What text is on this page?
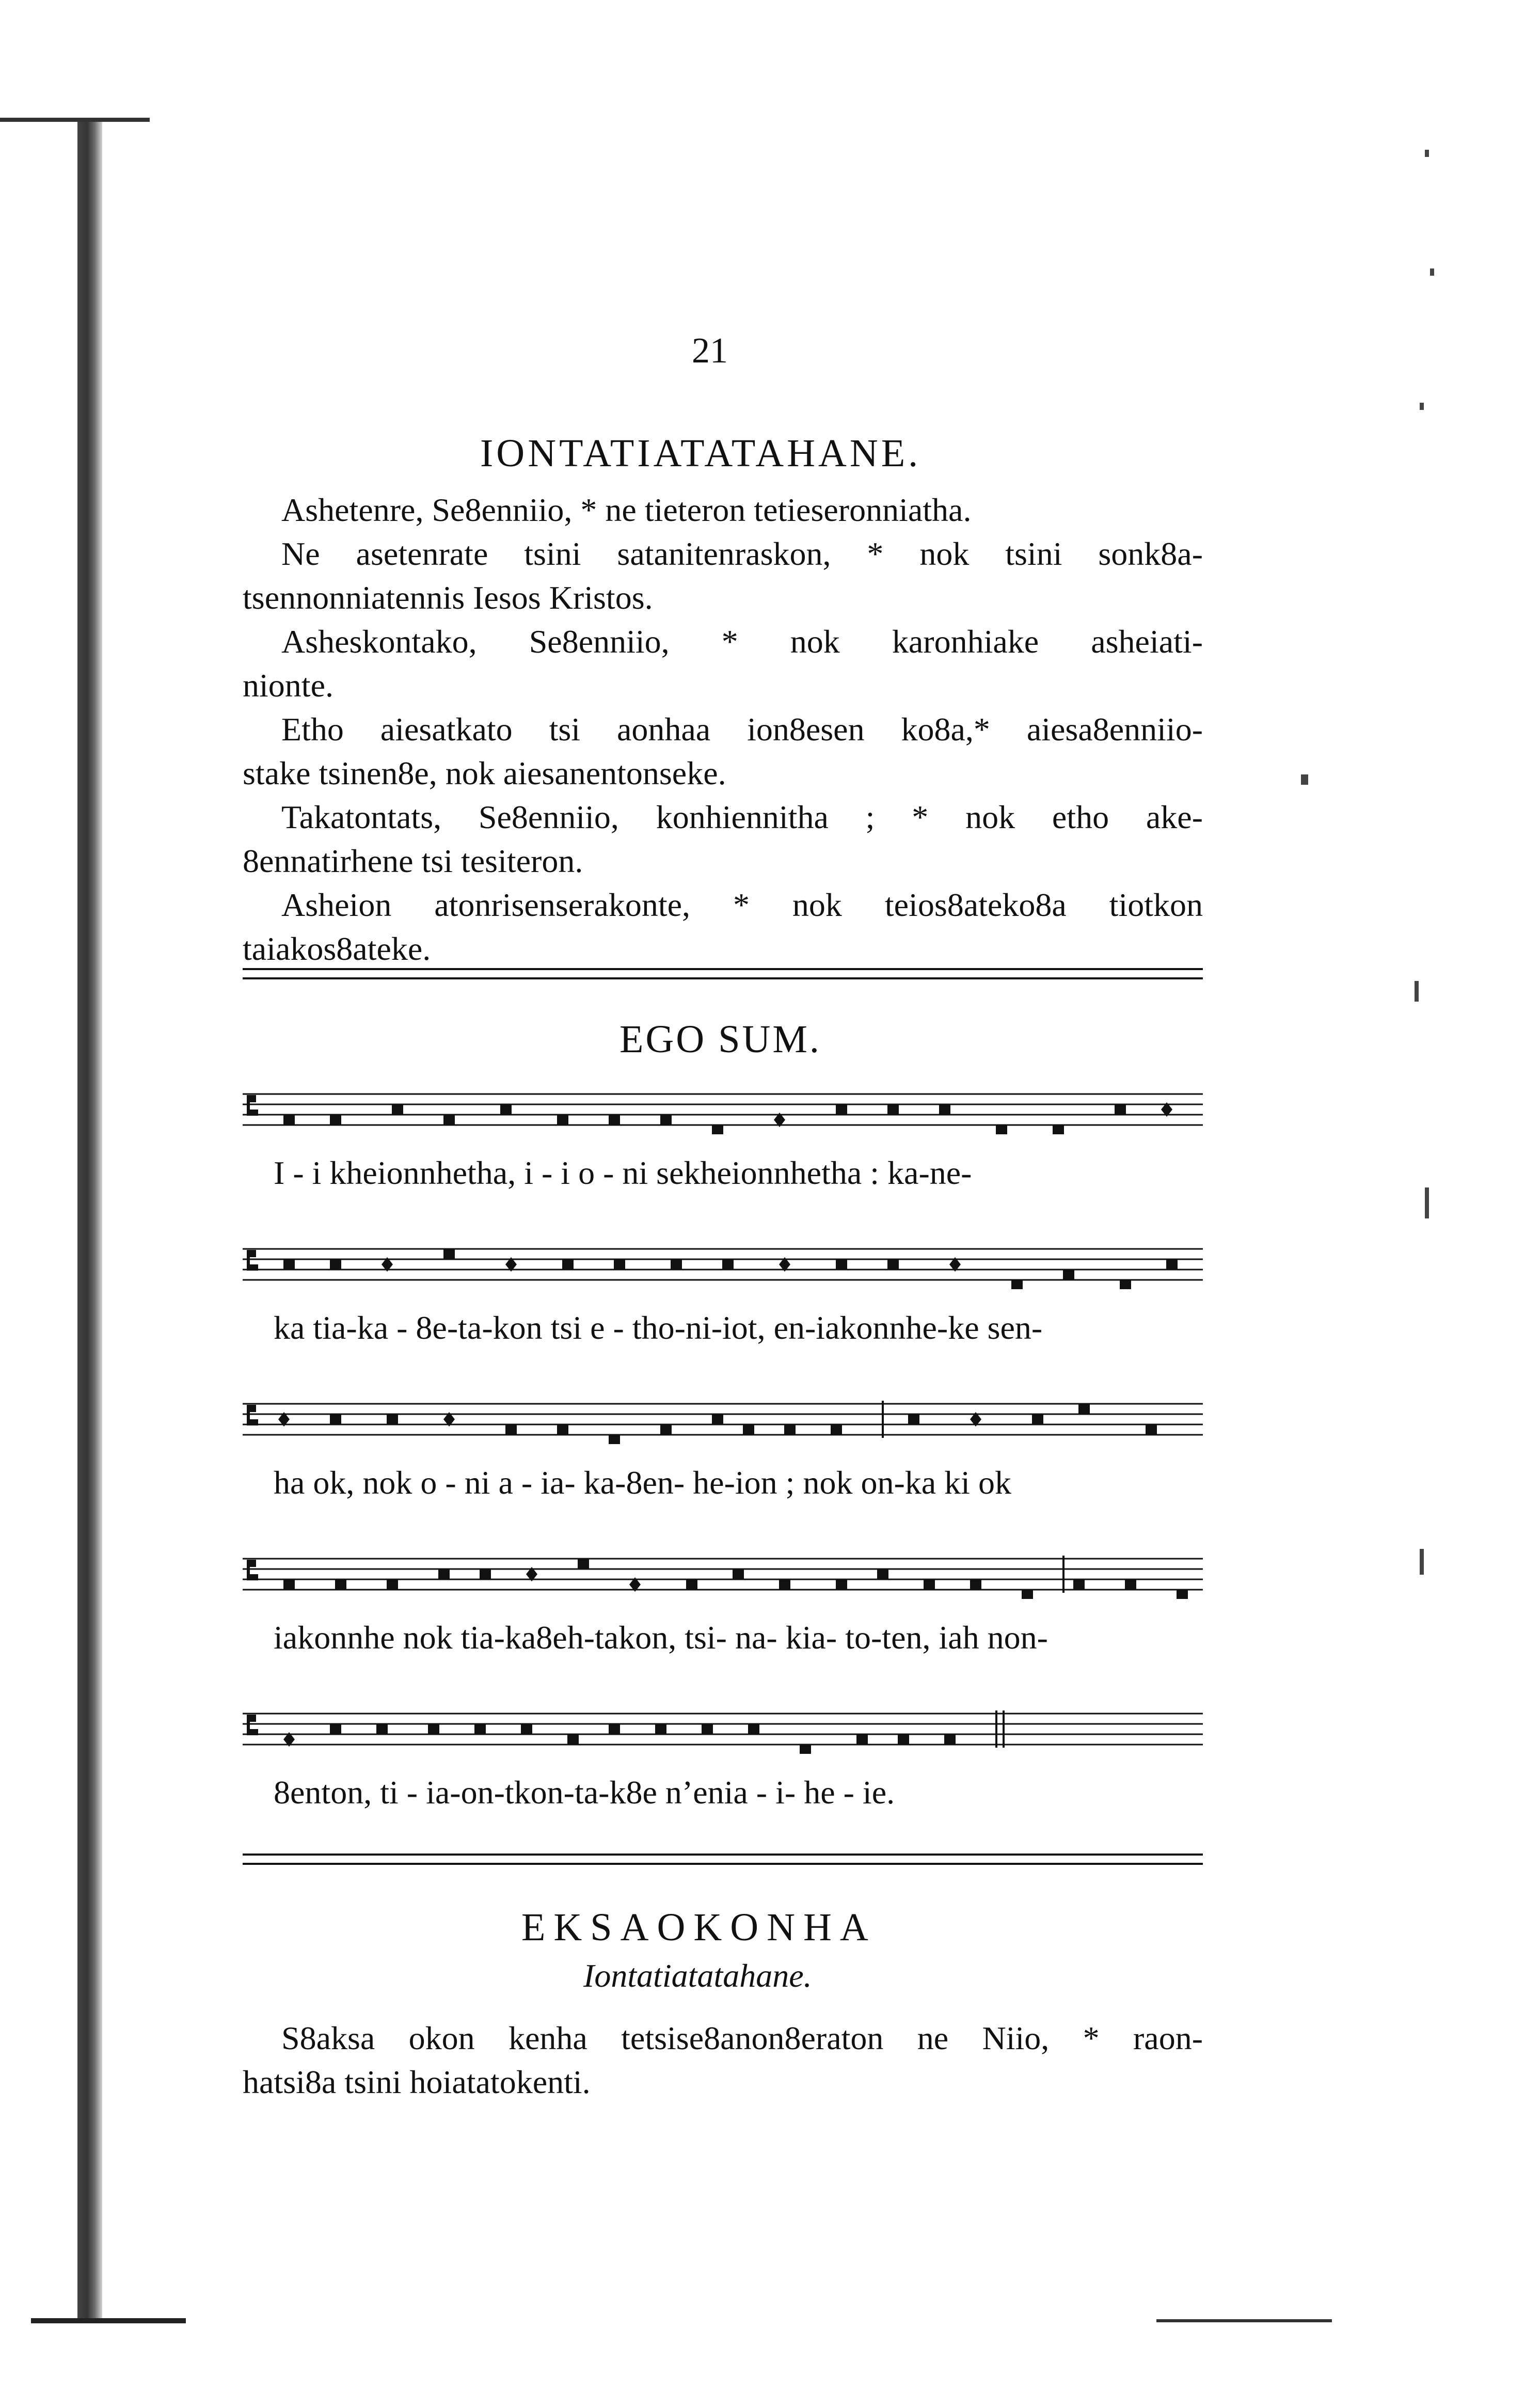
21
IONTATIATATAHANE.

Ashetenre, Se8enniio, * ne tieteron tetieseronniatha.

Ne asetenrate tsini satanitenraskon, * nok tsini sonk8a-
tsennonniatennis Iesos Kristos.

Asheskontako, Se8enniio, * nok karonhiake asheiati-
nionte.

Etho aiesatkato tsi aonhaa ion8esen ko8a,* aiesa8enniio-
stake tsinen8e, nok aiesanentonseke.

Takatontats, Se8enniio, konhiennitha ; * nok etho ake-
8ennatirhene tsi tesiteron.

Asheion atonrisenserakonte, * nok teios8ateko8a tiotkon
taiakos8ateke.

EGO SUM.
I - i kheionnhetha, i - i o - ni sekheionnhetha : ka-ne-
ka tia-ka - 8e-ta-kon tsi e - tho-ni-iot, en-iakonnhe-ke sen-
ha ok, nok o - ni a - ia- ka-8en- he-ion ; nok on-ka ki ok
iakonnhe nok tia-ka8eh-takon, tsi- na- kia- to-ten, iah non-
8enton, ti - ia-on-tkon-ta-k8e n’enia - i- he - ie.
EKSAOKONHA
Iontatiatatahane.

S8aksa okon kenha tetsise8anon8eraton ne Niio, * raon-
hatsi8a tsini hoiatatokenti.
